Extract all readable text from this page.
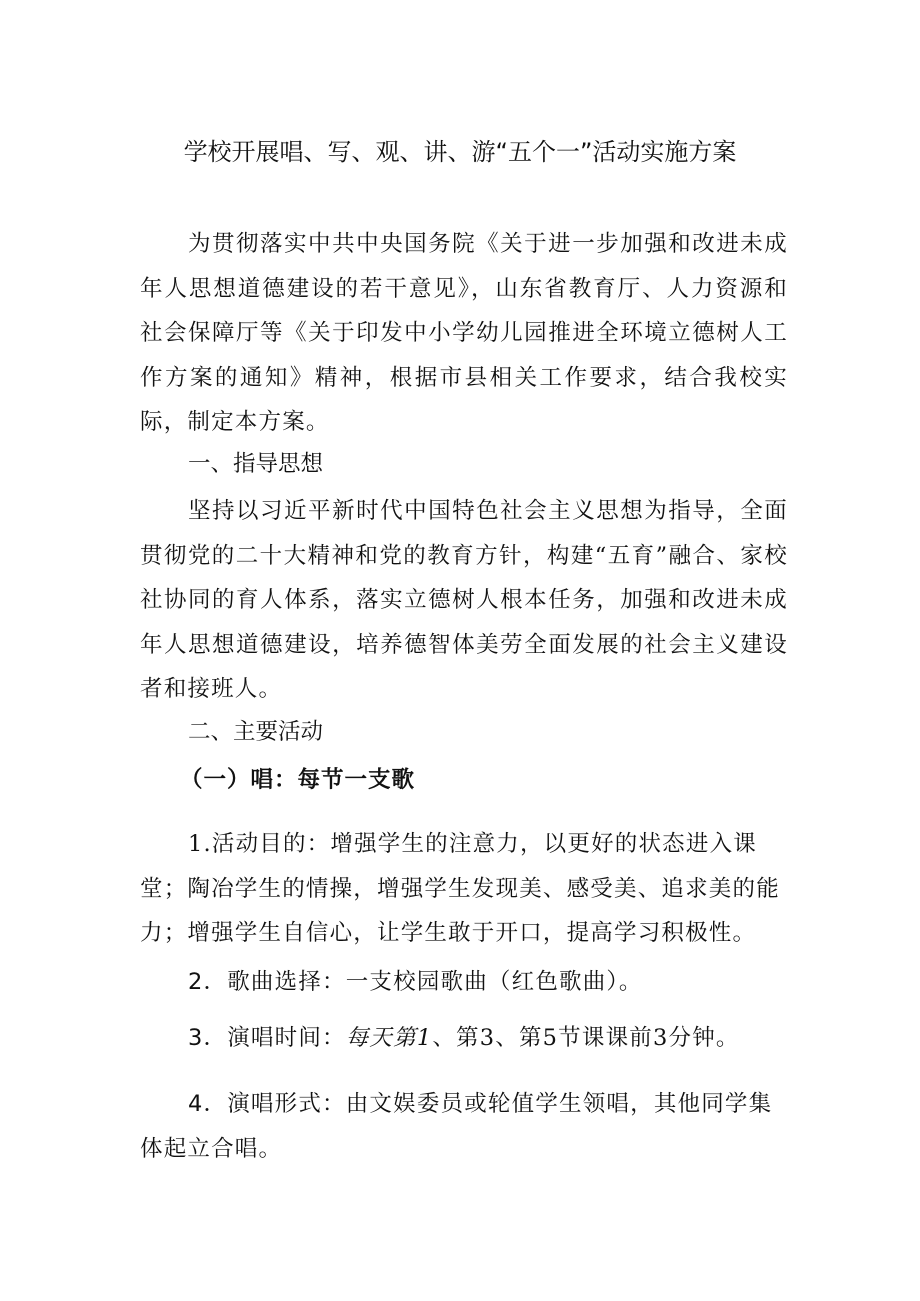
学校开展唱、写、观、讲、游“五个一”活动实施方案

为贯彻落实中共中央国务院《关于进一步加强和改进未成年人思想道德建设的若干意见》，山东省教育厅、人力资源和社会保障厅等《关于印发中小学幼儿园推进全环境立德树人工作方案的通知》精神，根据市县相关工作要求，结合我校实际，制定本方案。

一、指导思想

坚持以习近平新时代中国特色社会主义思想为指导，全面贯彻党的二十大精神和党的教育方针，构建“五育”融合、家校社协同的育人体系，落实立德树人根本任务，加强和改进未成年人思想道德建设，培养德智体美劳全面发展的社会主义建设者和接班人。

二、主要活动

（一）唱：每节一支歌

1.活动目的：增强学生的注意力，以更好的状态进入课堂；陶冶学生的情操，增强学生发现美、感受美、追求美的能力；增强学生自信心，让学生敢于开口，提高学习积极性。

2．歌曲选择：一支校园歌曲（红色歌曲）。

3．演唱时间：每天第1、第3、第5节课课前3分钟。

4．演唱形式：由文娱委员或轮值学生领唱，其他同学集体起立合唱。
